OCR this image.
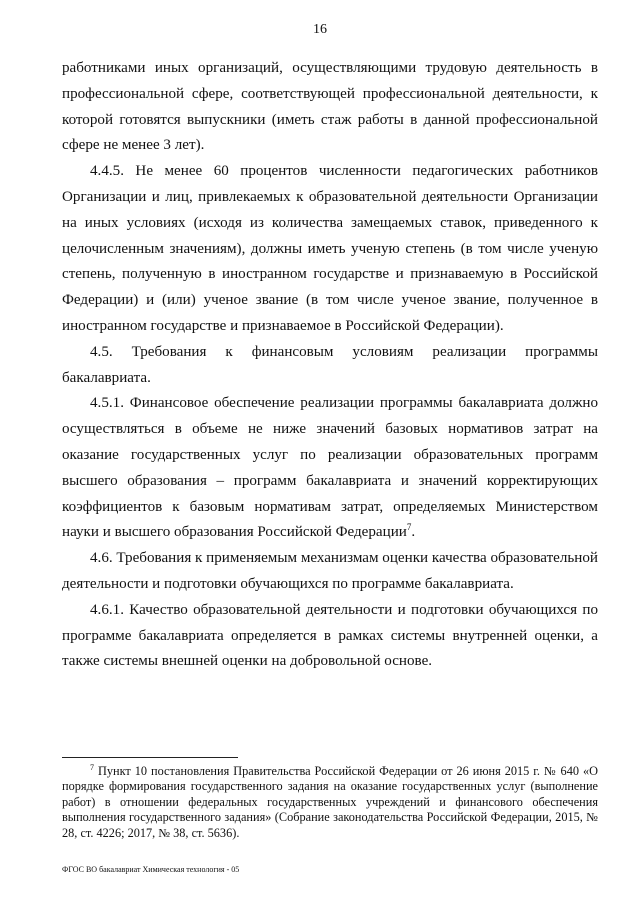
16

работниками иных организаций, осуществляющими трудовую деятельность в профессиональной сфере, соответствующей профессиональной деятельности, к которой готовятся выпускники (иметь стаж работы в данной профессиональной сфере не менее 3 лет).

4.4.5. Не менее 60 процентов численности педагогических работников Организации и лиц, привлекаемых к образовательной деятельности Организации на иных условиях (исходя из количества замещаемых ставок, приведенного к целочисленным значениям), должны иметь ученую степень (в том числе ученую степень, полученную в иностранном государстве и признаваемую в Российской Федерации) и (или) ученое звание (в том числе ученое звание, полученное в иностранном государстве и признаваемое в Российской Федерации).

4.5. Требования к финансовым условиям реализации программы бакалавриата.

4.5.1. Финансовое обеспечение реализации программы бакалавриата должно осуществляться в объеме не ниже значений базовых нормативов затрат на оказание государственных услуг по реализации образовательных программ высшего образования – программ бакалавриата и значений корректирующих коэффициентов к базовым нормативам затрат, определяемых Министерством науки и высшего образования Российской Федерации$^7$.

4.6. Требования к применяемым механизмам оценки качества образовательной деятельности и подготовки обучающихся по программе бакалавриата.

4.6.1. Качество образовательной деятельности и подготовки обучающихся по программе бакалавриата определяется в рамках системы внутренней оценки, а также системы внешней оценки на добровольной основе.

$^7$ Пункт 10 постановления Правительства Российской Федерации от 26 июня 2015 г. № 640 «О порядке формирования государственного задания на оказание государственных услуг (выполнение работ) в отношении федеральных государственных учреждений и финансового обеспечения выполнения государственного задания» (Собрание законодательства Российской Федерации, 2015, № 28, ст. 4226; 2017, № 38, ст. 5636).

ФГОС ВО бакалавриат Химическая технология - 05
